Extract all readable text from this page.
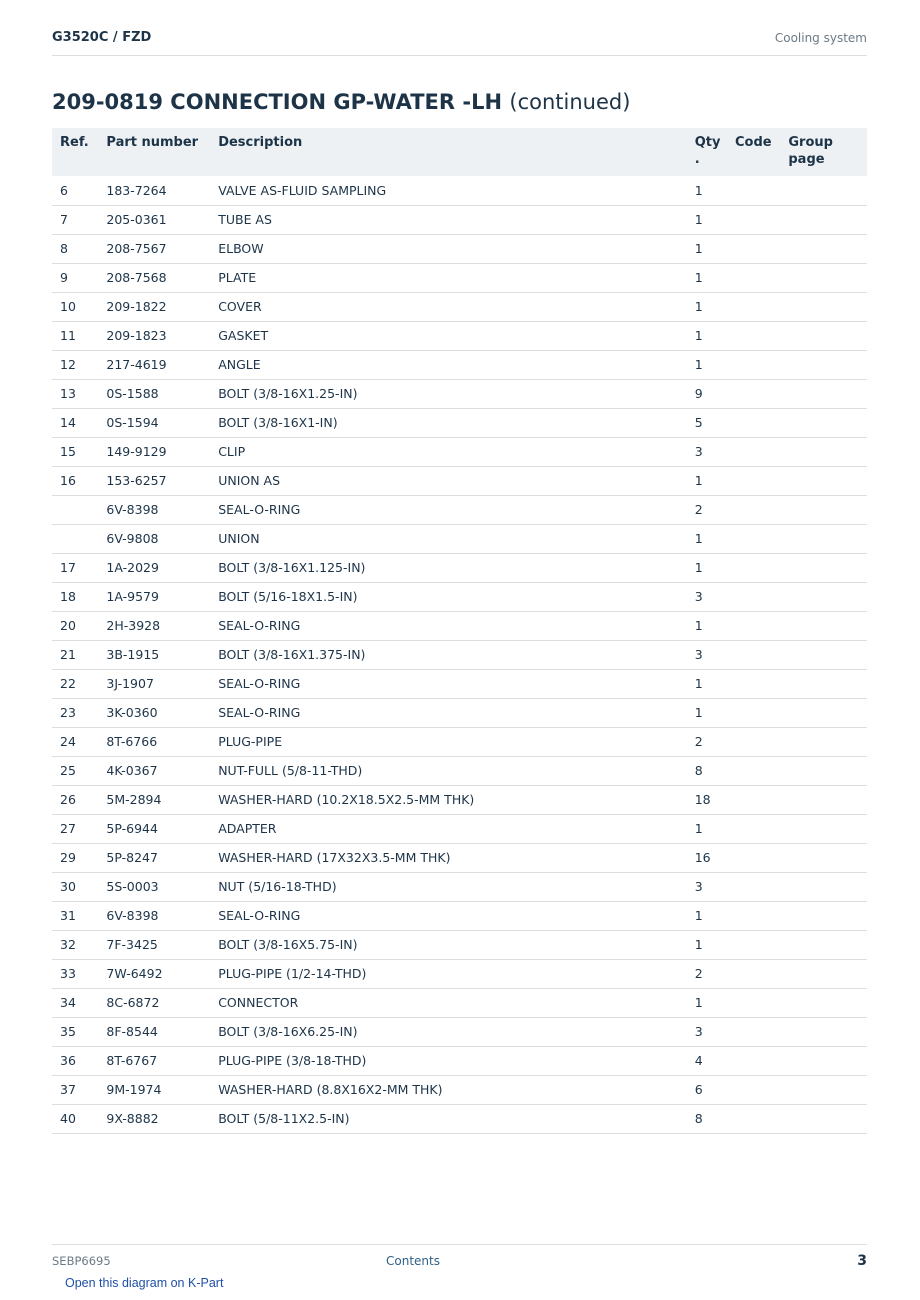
G3520C / FZD	Cooling system
209-0819 CONNECTION GP-WATER -LH (continued)
Ref.	Part number	Description	Qty .	Code	Group page
6	183-7264	VALVE AS-FLUID SAMPLING	1		
7	205-0361	TUBE AS	1		
8	208-7567	ELBOW	1		
9	208-7568	PLATE	1		
10	209-1822	COVER	1		
11	209-1823	GASKET	1		
12	217-4619	ANGLE	1		
13	0S-1588	BOLT (3/8-16X1.25-IN)	9		
14	0S-1594	BOLT (3/8-16X1-IN)	5		
15	149-9129	CLIP	3		
16	153-6257	UNION AS	1		
	6V-8398	SEAL-O-RING	2		
	6V-9808	UNION	1		
17	1A-2029	BOLT (3/8-16X1.125-IN)	1		
18	1A-9579	BOLT (5/16-18X1.5-IN)	3		
20	2H-3928	SEAL-O-RING	1		
21	3B-1915	BOLT (3/8-16X1.375-IN)	3		
22	3J-1907	SEAL-O-RING	1		
23	3K-0360	SEAL-O-RING	1		
24	8T-6766	PLUG-PIPE	2		
25	4K-0367	NUT-FULL (5/8-11-THD)	8		
26	5M-2894	WASHER-HARD (10.2X18.5X2.5-MM THK)	18		
27	5P-6944	ADAPTER	1		
29	5P-8247	WASHER-HARD (17X32X3.5-MM THK)	16		
30	5S-0003	NUT (5/16-18-THD)	3		
31	6V-8398	SEAL-O-RING	1		
32	7F-3425	BOLT (3/8-16X5.75-IN)	1		
33	7W-6492	PLUG-PIPE (1/2-14-THD)	2		
34	8C-6872	CONNECTOR	1		
35	8F-8544	BOLT (3/8-16X6.25-IN)	3		
36	8T-6767	PLUG-PIPE (3/8-18-THD)	4		
37	9M-1974	WASHER-HARD (8.8X16X2-MM THK)	6		
40	9X-8882	BOLT (5/8-11X2.5-IN)	8		
SEBP6695	Contents	3
Open this diagram on K-Part
